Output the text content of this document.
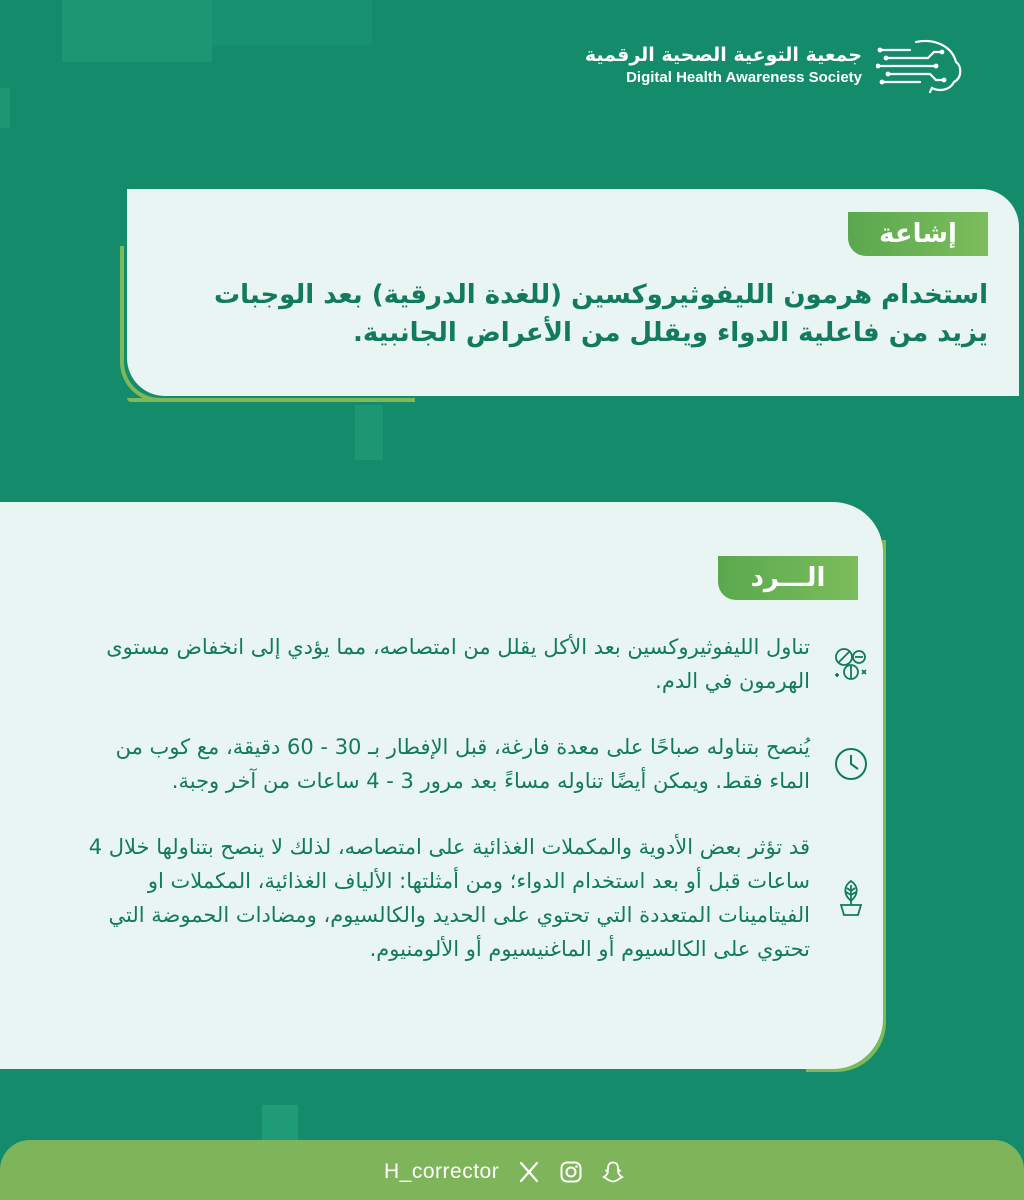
جمعية التوعية الصحية الرقمية
Digital Health Awareness Society
إشاعة
استخدام هرمون الليفوثيروكسين (للغدة الدرقية) بعد الوجبات يزيد من فاعلية الدواء ويقلل من الأعراض الجانبية.
الـــرد
تناول الليفوثيروكسين بعد الأكل يقلل من امتصاصه، مما يؤدي إلى انخفاض مستوى الهرمون في الدم.
يُنصح بتناوله صباحًا على معدة فارغة، قبل الإفطار بـ 30 - 60 دقيقة، مع كوب من الماء فقط. ويمكن أيضًا تناوله مساءً بعد مرور 3 - 4 ساعات من آخر وجبة.
قد تؤثر بعض الأدوية والمكملات الغذائية على امتصاصه، لذلك لا ينصح بتناولها خلال 4 ساعات قبل أو بعد استخدام الدواء؛ ومن أمثلتها: الألياف الغذائية، المكملات او الفيتامينات المتعددة التي تحتوي على الحديد والكالسيوم، ومضادات الحموضة التي تحتوي على الكالسيوم أو الماغنيسيوم أو الألومنيوم.
H_corrector
